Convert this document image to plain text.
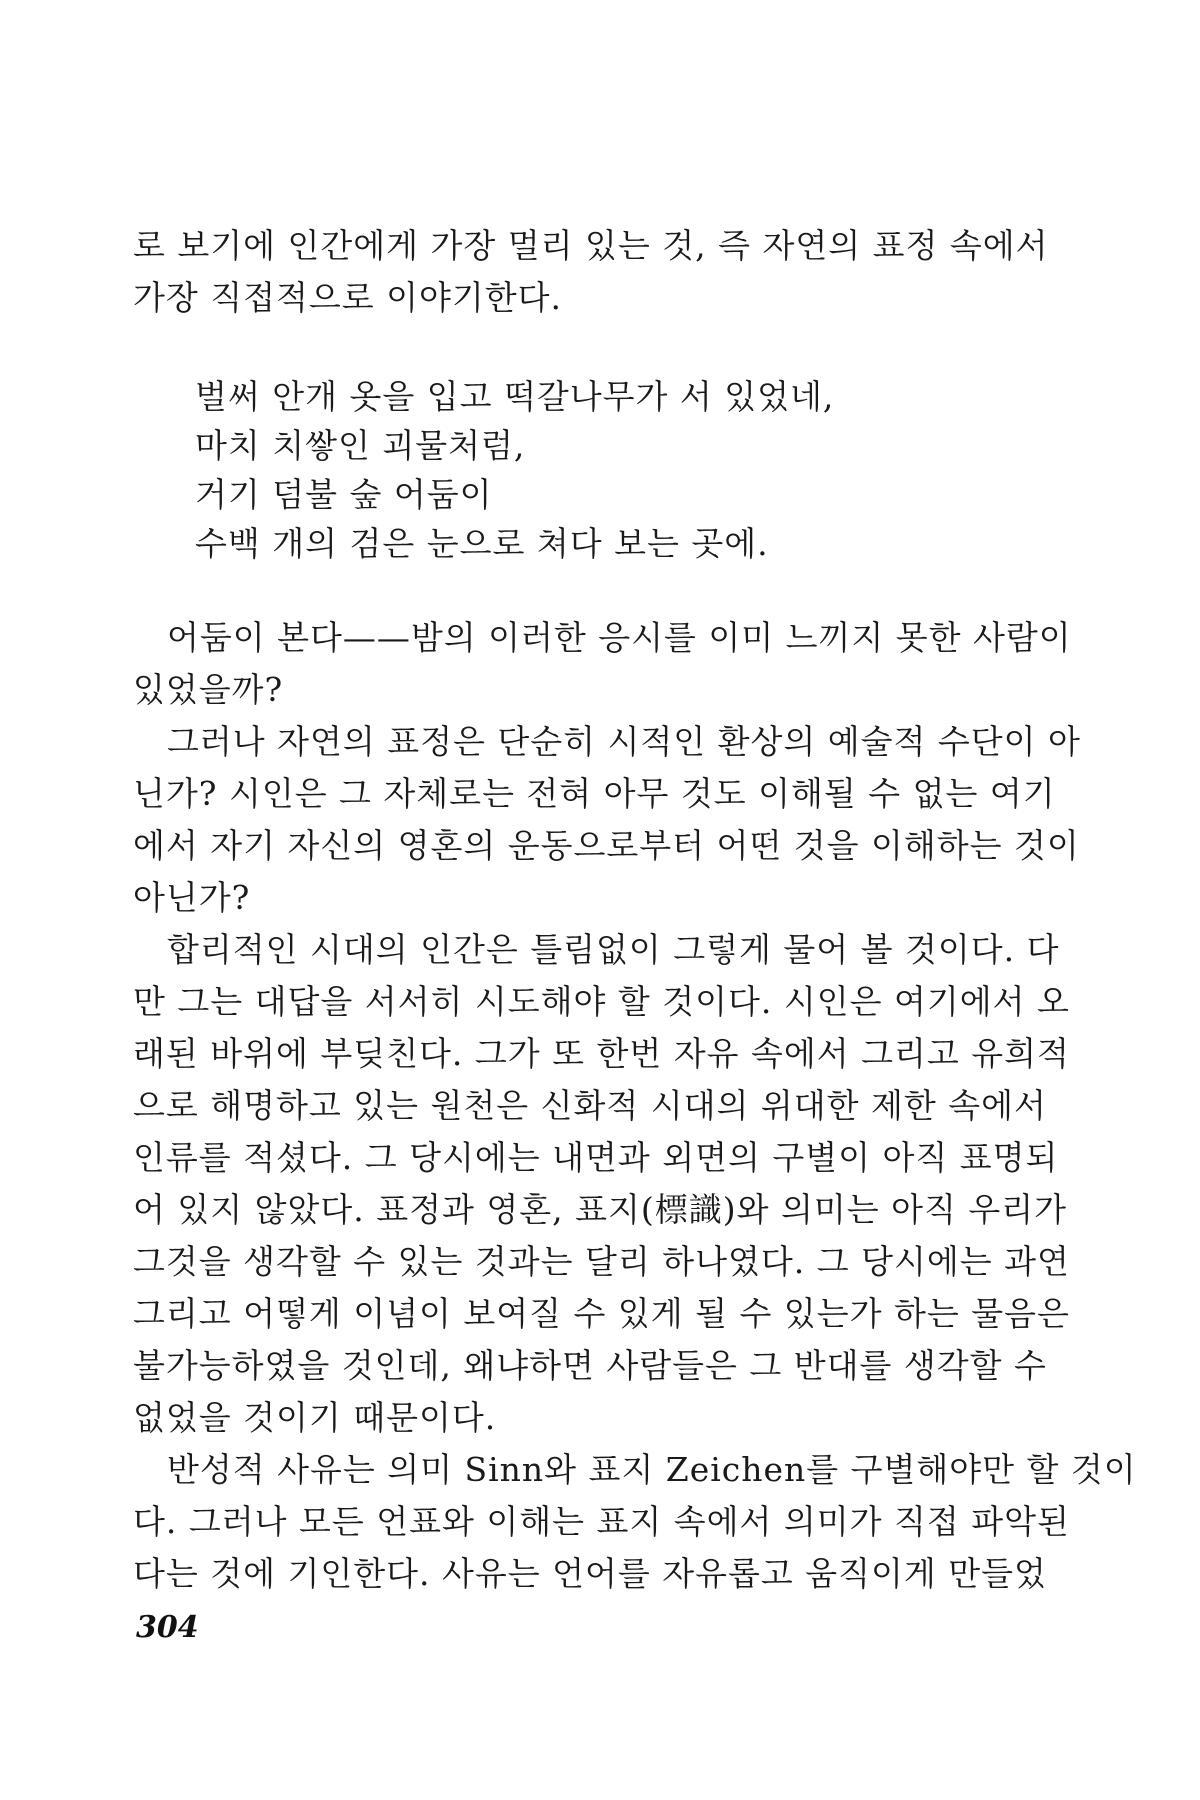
로 보기에 인간에게 가장 멀리 있는 것, 즉 자연의 표정 속에서
가장 직접적으로 이야기한다.
벌써 안개 옷을 입고 떡갈나무가 서 있었네,
마치 치쌓인 괴물처럼,
거기 덤불 숲 어둠이
수백 개의 검은 눈으로 쳐다 보는 곳에.
어둠이 본다——밤의 이러한 응시를 이미 느끼지 못한 사람이
있었을까?
그러나 자연의 표정은 단순히 시적인 환상의 예술적 수단이 아
닌가? 시인은 그 자체로는 전혀 아무 것도 이해될 수 없는 여기
에서 자기 자신의 영혼의 운동으로부터 어떤 것을 이해하는 것이
아닌가?
합리적인 시대의 인간은 틀림없이 그렇게 물어 볼 것이다. 다
만 그는 대답을 서서히 시도해야 할 것이다. 시인은 여기에서 오
래된 바위에 부딪친다. 그가 또 한번 자유 속에서 그리고 유희적
으로 해명하고 있는 원천은 신화적 시대의 위대한 제한 속에서
인류를 적셨다. 그 당시에는 내면과 외면의 구별이 아직 표명되
어 있지 않았다. 표정과 영혼, 표지(標識)와 의미는 아직 우리가
그것을 생각할 수 있는 것과는 달리 하나였다. 그 당시에는 과연
그리고 어떻게 이념이 보여질 수 있게 될 수 있는가 하는 물음은
불가능하였을 것인데, 왜냐하면 사람들은 그 반대를 생각할 수
없었을 것이기 때문이다.
반성적 사유는 의미 Sinn와 표지 Zeichen를 구별해야만 할 것이
다. 그러나 모든 언표와 이해는 표지 속에서 의미가 직접 파악된
다는 것에 기인한다. 사유는 언어를 자유롭고 움직이게 만들었
304
